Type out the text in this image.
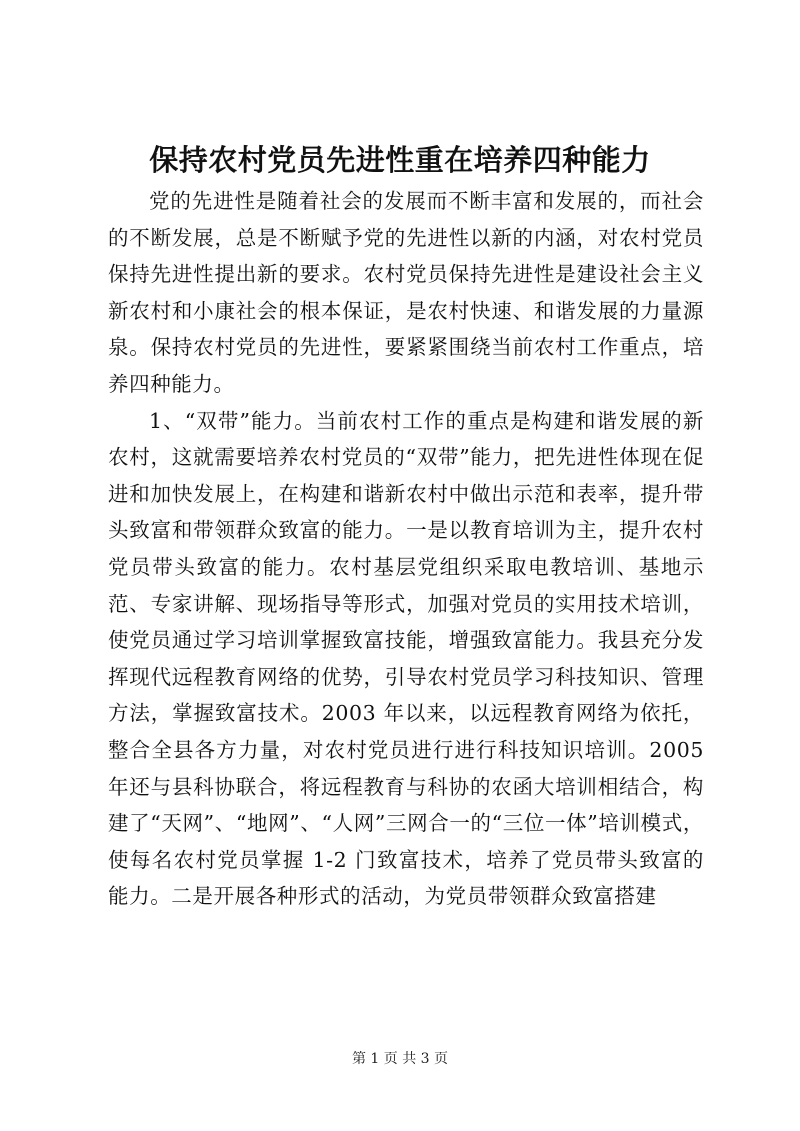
保持农村党员先进性重在培养四种能力

党的先进性是随着社会的发展而不断丰富和发展的，而社会的不断发展，总是不断赋予党的先进性以新的内涵，对农村党员保持先进性提出新的要求。农村党员保持先进性是建设社会主义新农村和小康社会的根本保证，是农村快速、和谐发展的力量源泉。保持农村党员的先进性，要紧紧围绕当前农村工作重点，培养四种能力。

1、“双带”能力。当前农村工作的重点是构建和谐发展的新农村，这就需要培养农村党员的“双带”能力，把先进性体现在促进和加快发展上，在构建和谐新农村中做出示范和表率，提升带头致富和带领群众致富的能力。一是以教育培训为主，提升农村党员带头致富的能力。农村基层党组织采取电教培训、基地示范、专家讲解、现场指导等形式，加强对党员的实用技术培训，使党员通过学习培训掌握致富技能，增强致富能力。我县充分发挥现代远程教育网络的优势，引导农村党员学习科技知识、管理方法，掌握致富技术。2003 年以来，以远程教育网络为依托，整合全县各方力量，对农村党员进行进行科技知识培训。2005 年还与县科协联合，将远程教育与科协的农函大培训相结合，构建了“天网”、“地网”、“人网”三网合一的“三位一体”培训模式，使每名农村党员掌握 1-2 门致富技术，培养了党员带头致富的能力。二是开展各种形式的活动，为党员带领群众致富搭建

第 1 页 共 3 页
